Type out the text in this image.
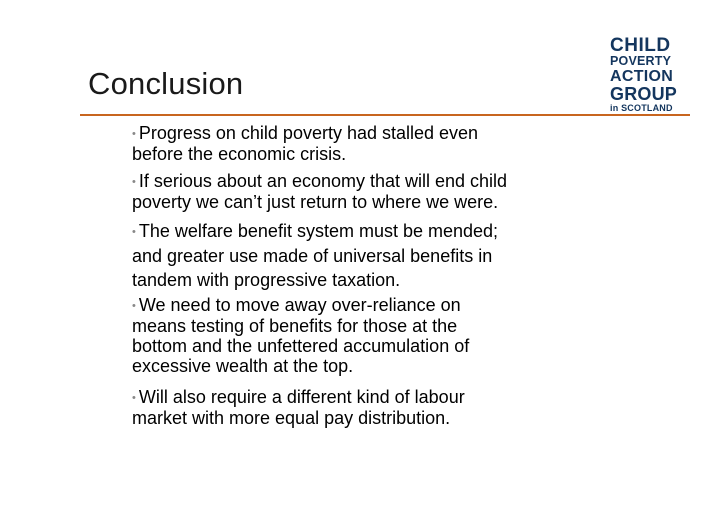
Conclusion
CHILD
POVERTY
ACTION
GROUP
in SCOTLAND
• Progress on child poverty had stalled even
before the economic crisis.
• If serious about an economy that will end child
poverty we can’t just return to where we were.
• The welfare benefit system must be mended;
and greater use made of universal benefits in
tandem with progressive taxation.
• We need to move away over-reliance on
means testing of benefits for those at the
bottom and the unfettered accumulation of
excessive wealth at the top.
• Will also require a different kind of labour
market with more equal pay distribution.
